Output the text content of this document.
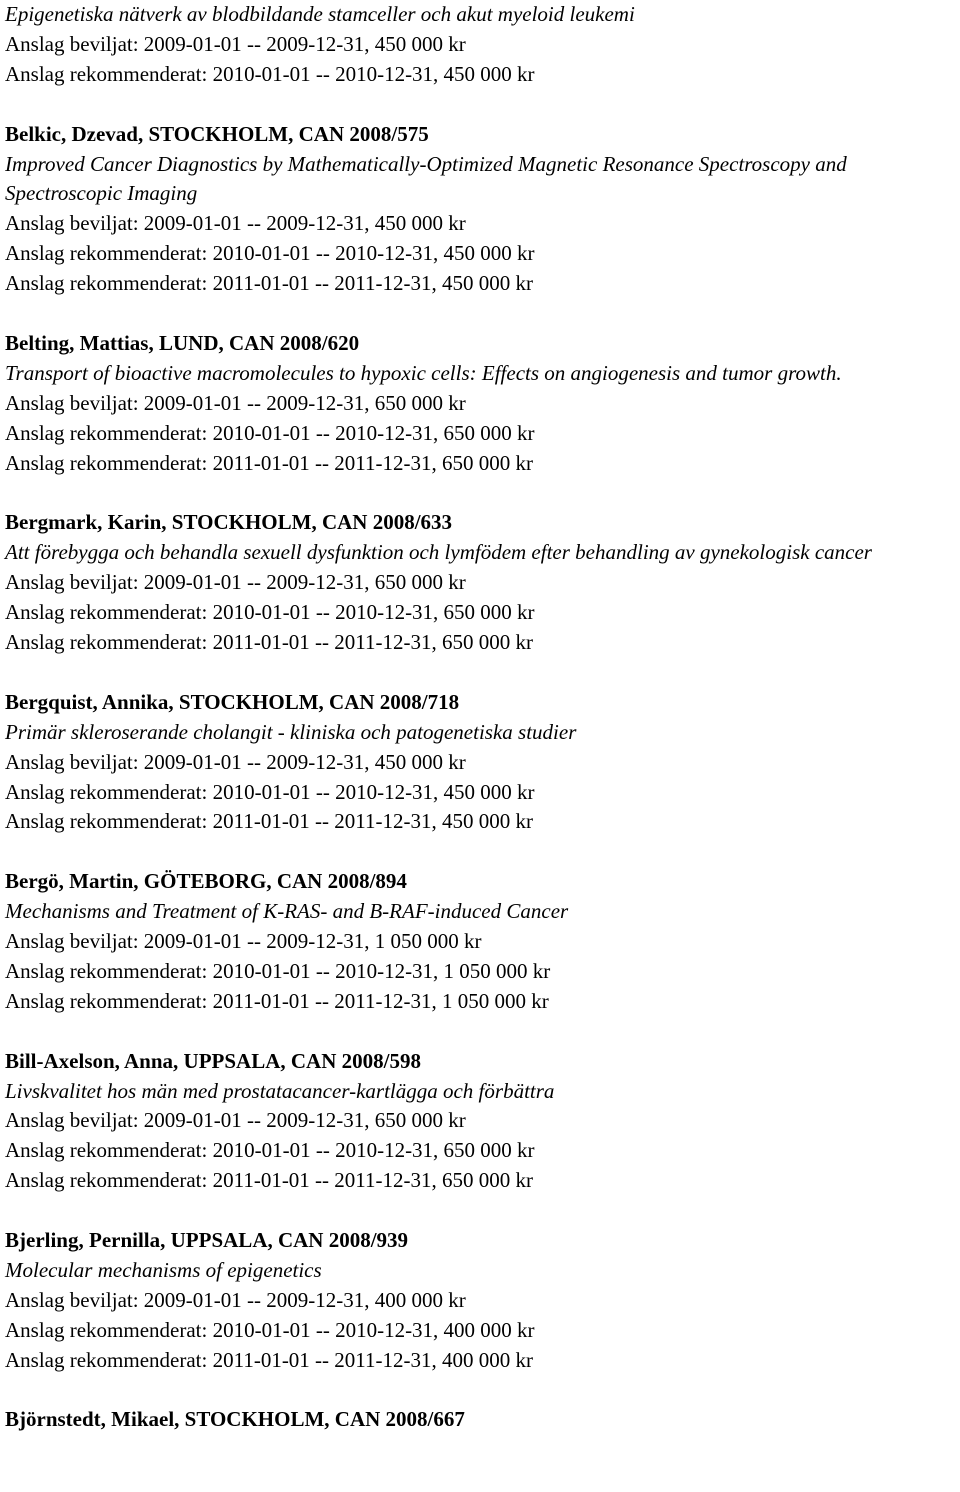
Epigenetiska nätverk av blodbildande stamceller och akut myeloid leukemi
Anslag beviljat: 2009-01-01 -- 2009-12-31, 450 000 kr
Anslag rekommenderat: 2010-01-01 -- 2010-12-31, 450 000 kr
Belkic, Dzevad, STOCKHOLM, CAN 2008/575
Improved Cancer Diagnostics by Mathematically-Optimized Magnetic Resonance Spectroscopy and Spectroscopic Imaging
Anslag beviljat: 2009-01-01 -- 2009-12-31, 450 000 kr
Anslag rekommenderat: 2010-01-01 -- 2010-12-31, 450 000 kr
Anslag rekommenderat: 2011-01-01 -- 2011-12-31, 450 000 kr
Belting, Mattias, LUND, CAN 2008/620
Transport of bioactive macromolecules to hypoxic cells: Effects on angiogenesis and tumor growth.
Anslag beviljat: 2009-01-01 -- 2009-12-31, 650 000 kr
Anslag rekommenderat: 2010-01-01 -- 2010-12-31, 650 000 kr
Anslag rekommenderat: 2011-01-01 -- 2011-12-31, 650 000 kr
Bergmark, Karin, STOCKHOLM, CAN 2008/633
Att förebygga och behandla sexuell dysfunktion och lymfödem efter behandling av gynekologisk cancer
Anslag beviljat: 2009-01-01 -- 2009-12-31, 650 000 kr
Anslag rekommenderat: 2010-01-01 -- 2010-12-31, 650 000 kr
Anslag rekommenderat: 2011-01-01 -- 2011-12-31, 650 000 kr
Bergquist, Annika, STOCKHOLM, CAN 2008/718
Primär skleroserande cholangit - kliniska och patogenetiska studier
Anslag beviljat: 2009-01-01 -- 2009-12-31, 450 000 kr
Anslag rekommenderat: 2010-01-01 -- 2010-12-31, 450 000 kr
Anslag rekommenderat: 2011-01-01 -- 2011-12-31, 450 000 kr
Bergö, Martin, GÖTEBORG, CAN 2008/894
Mechanisms and Treatment of K-RAS- and B-RAF-induced Cancer
Anslag beviljat: 2009-01-01 -- 2009-12-31, 1 050 000 kr
Anslag rekommenderat: 2010-01-01 -- 2010-12-31, 1 050 000 kr
Anslag rekommenderat: 2011-01-01 -- 2011-12-31, 1 050 000 kr
Bill-Axelson, Anna, UPPSALA, CAN 2008/598
Livskvalitet hos män med prostatacancer-kartlägga och förbättra
Anslag beviljat: 2009-01-01 -- 2009-12-31, 650 000 kr
Anslag rekommenderat: 2010-01-01 -- 2010-12-31, 650 000 kr
Anslag rekommenderat: 2011-01-01 -- 2011-12-31, 650 000 kr
Bjerling, Pernilla, UPPSALA, CAN 2008/939
Molecular mechanisms of epigenetics
Anslag beviljat: 2009-01-01 -- 2009-12-31, 400 000 kr
Anslag rekommenderat: 2010-01-01 -- 2010-12-31, 400 000 kr
Anslag rekommenderat: 2011-01-01 -- 2011-12-31, 400 000 kr
Björnstedt, Mikael, STOCKHOLM, CAN 2008/667
